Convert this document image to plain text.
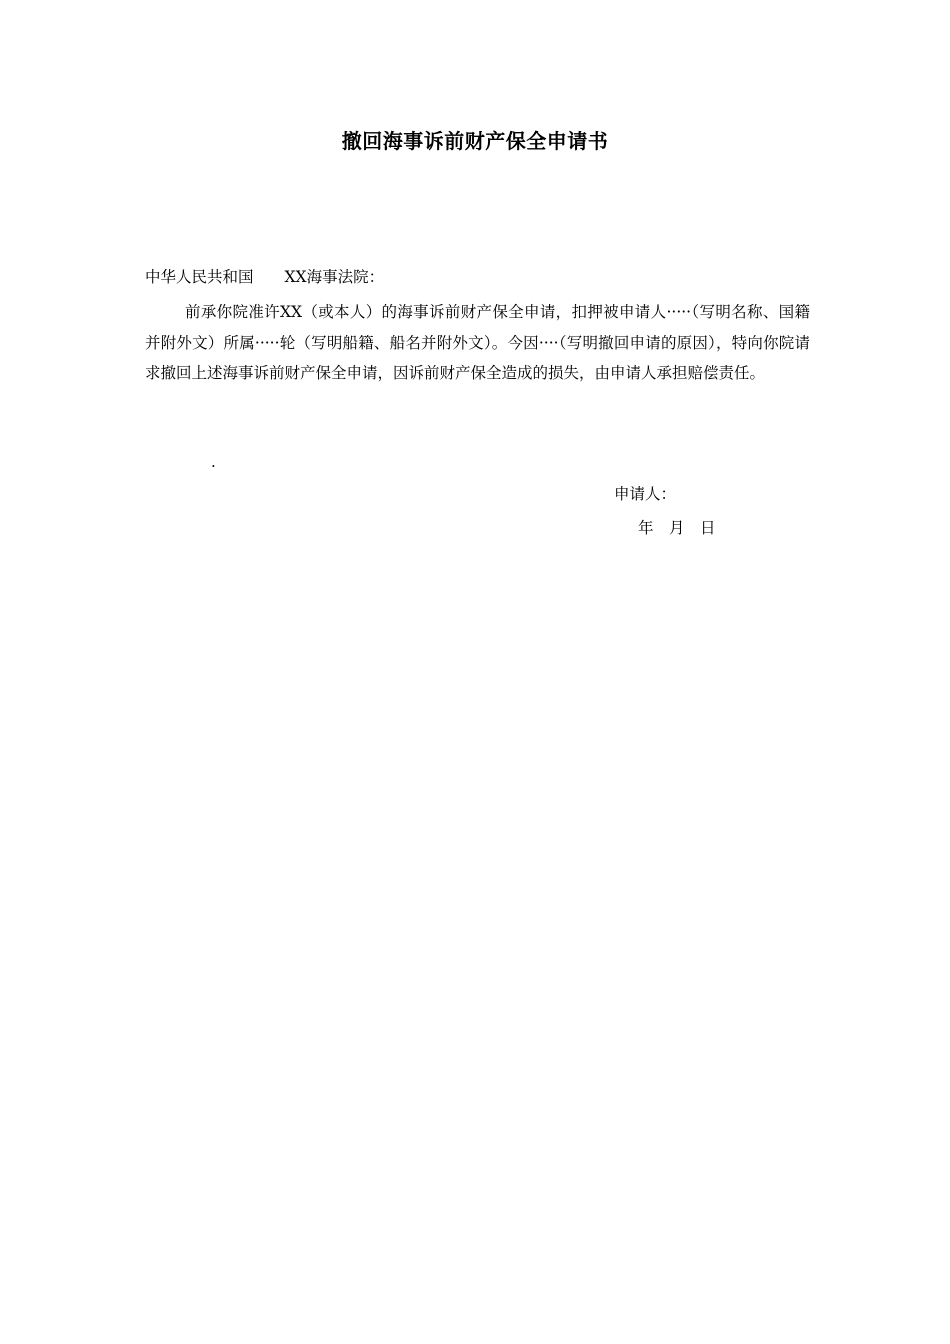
撤回海事诉前财产保全申请书
中华人民共和国　　XX海事法院：

前承你院准许XX（或本人）的海事诉前财产保全申请，扣押被申请人·····（写明名称、国籍并附外文）所属·····轮（写明船籍、船名并附外文）。今因····（写明撤回申请的原因），特向你院请求撤回上述海事诉前财产保全申请，因诉前财产保全造成的损失，由申请人承担赔偿责任。

.
申请人：
年　月　日
